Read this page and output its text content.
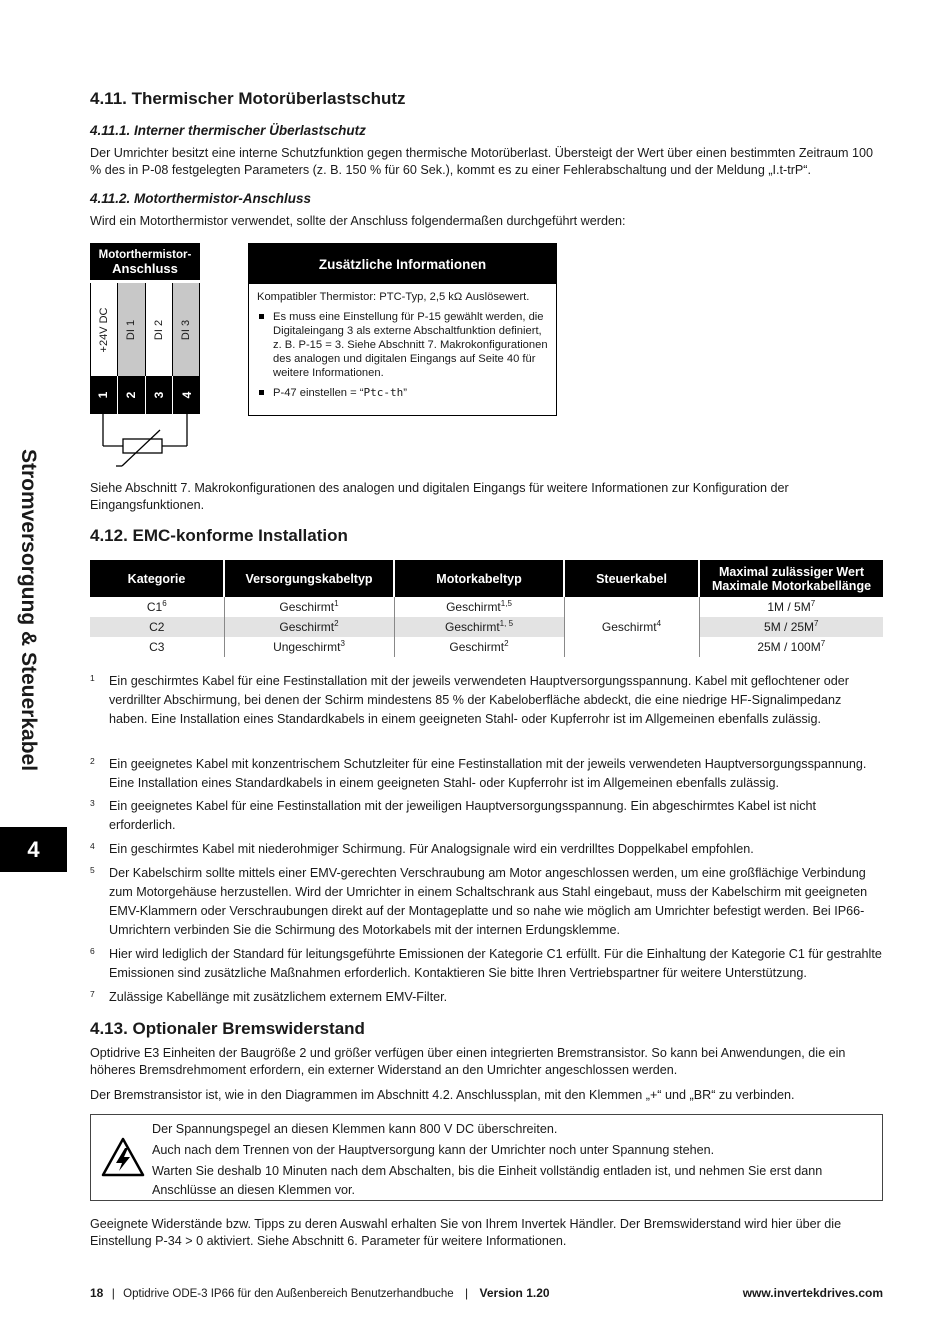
Stromversorgung & Steuerkabel
4
4.11. Thermischer Motorüberlastschutz
4.11.1. Interner thermischer Überlastschutz
Der Umrichter besitzt eine interne Schutzfunktion gegen thermische Motorüberlast. Übersteigt der Wert über einen bestimmten Zeitraum 100 % des in P-08 festgelegten Parameters (z. B. 150 % für 60 Sek.), kommt es zu einer Fehlerabschaltung und der Meldung „I.t-trP“.
4.11.2. Motorthermistor-Anschluss
Wird ein Motorthermistor verwendet, sollte der Anschluss folgendermaßen durchgeführt werden:
Motorthermistor-
Anschluss
+24V DC DI 1 DI 2 DI 3
1 2 3 4
Zusätzliche Informationen
Kompatibler Thermistor: PTC-Typ, 2,5 kΩ Auslösewert.
Es muss eine Einstellung für P-15 gewählt werden, die Digitaleingang 3 als externe Abschaltfunktion definiert, z. B. P-15 = 3. Siehe Abschnitt 7. Makrokonfigurationen des analogen und digitalen Eingangs auf Seite 40 für weitere Informationen.
P-47 einstellen = “Ptc-th”
Siehe Abschnitt 7. Makrokonfigurationen des analogen und digitalen Eingangs für weitere Informationen zur Konfiguration der Eingangsfunktionen.
4.12. EMC-konforme Installation
Kategorie	Versorgungskabeltyp	Motorkabeltyp	Steuerkabel	Maximal zulässiger Wert
Maximale Motorkabellänge

$C1^6$	Geschirmt$^1$	Geschirmt$^{1,5}$	Geschirmt$^4$	$1M / 5M^7$
C2	Geschirmt$^2$	Geschirmt$^{1, 5}$		$5M / 25M^7$
C3	Ungeschirmt$^3$	Geschirmt$^2$		$25M / 100M^7$
1 Ein geschirmtes Kabel für eine Festinstallation mit der jeweils verwendeten Hauptversorgungsspannung. Kabel mit geflochtener oder verdrillter Abschirmung, bei denen der Schirm mindestens 85 % der Kabeloberfläche abdeckt, die eine niedrige HF-Signalimpedanz haben. Eine Installation eines Standardkabels in einem geeigneten Stahl- oder Kupferrohr ist im Allgemeinen ebenfalls zulässig.
2 Ein geeignetes Kabel mit konzentrischem Schutzleiter für eine Festinstallation mit der jeweils verwendeten Hauptversorgungsspannung. Eine Installation eines Standardkabels in einem geeigneten Stahl- oder Kupferrohr ist im Allgemeinen ebenfalls zulässig.
3 Ein geeignetes Kabel für eine Festinstallation mit der jeweiligen Hauptversorgungsspannung. Ein abgeschirmtes Kabel ist nicht erforderlich.
4 Ein geschirmtes Kabel mit niederohmiger Schirmung. Für Analogsignale wird ein verdrilltes Doppelkabel empfohlen.
5 Der Kabelschirm sollte mittels einer EMV-gerechten Verschraubung am Motor angeschlossen werden, um eine großflächige Verbindung zum Motorgehäuse herzustellen. Wird der Umrichter in einem Schaltschrank aus Stahl eingebaut, muss der Kabelschirm mit geeigneten EMV-Klammern oder Verschraubungen direkt auf der Montageplatte und so nahe wie möglich am Umrichter befestigt werden. Bei IP66-Umrichtern verbinden Sie die Schirmung des Motorkabels mit der internen Erdungsklemme.
6 Hier wird lediglich der Standard für leitungsgeführte Emissionen der Kategorie C1 erfüllt. Für die Einhaltung der Kategorie C1 für gestrahlte Emissionen sind zusätzliche Maßnahmen erforderlich. Kontaktieren Sie bitte Ihren Vertriebspartner für weitere Unterstützung.
7 Zulässige Kabellänge mit zusätzlichem externem EMV-Filter.
4.13. Optionaler Bremswiderstand
Optidrive E3 Einheiten der Baugröße 2 und größer verfügen über einen integrierten Bremstransistor. So kann bei Anwendungen, die ein höheres Bremsdrehmoment erfordern, ein externer Widerstand an den Umrichter angeschlossen werden.
Der Bremstransistor ist, wie in den Diagrammen im Abschnitt 4.2. Anschlussplan, mit den Klemmen „+“ und „BR“ zu verbinden.
Der Spannungspegel an diesen Klemmen kann 800 V DC überschreiten.
Auch nach dem Trennen von der Hauptversorgung kann der Umrichter noch unter Spannung stehen.
Warten Sie deshalb 10 Minuten nach dem Abschalten, bis die Einheit vollständig entladen ist, und nehmen Sie erst dann Anschlüsse an diesen Klemmen vor.
Geeignete Widerstände bzw. Tipps zu deren Auswahl erhalten Sie von Ihrem Invertek Händler. Der Bremswiderstand wird hier über die Einstellung P-34 > 0 aktiviert. Siehe Abschnitt 6. Parameter für weitere Informationen.
18 | Optidrive ODE-3 IP66 für den Außenbereich Benutzerhandbuche | Version 1.20	www.invertekdrives.com
